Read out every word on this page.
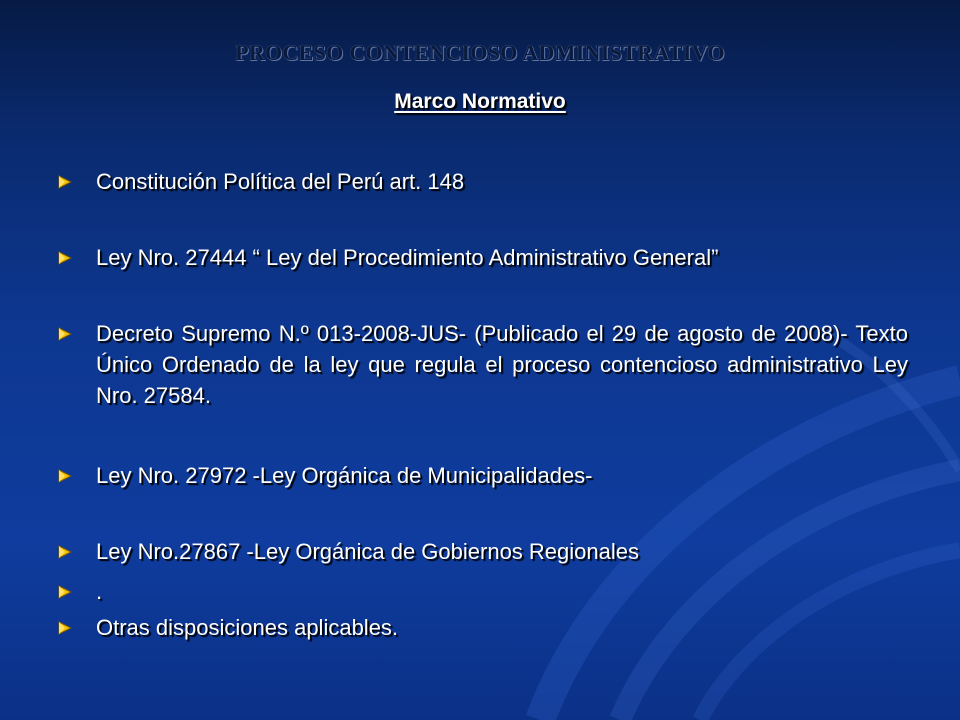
PROCESO CONTENCIOSO ADMINISTRATIVO
Marco Normativo
Constitución Política del Perú art. 148
Ley Nro. 27444 “ Ley del Procedimiento Administrativo General”
Decreto Supremo N.º 013-2008-JUS- (Publicado el 29 de agosto de 2008)- Texto Único Ordenado de la ley que regula el proceso contencioso administrativo Ley Nro. 27584.
Ley Nro. 27972 -Ley Orgánica de Municipalidades-
Ley Nro.27867 -Ley Orgánica de Gobiernos Regionales
.
Otras disposiciones aplicables.
